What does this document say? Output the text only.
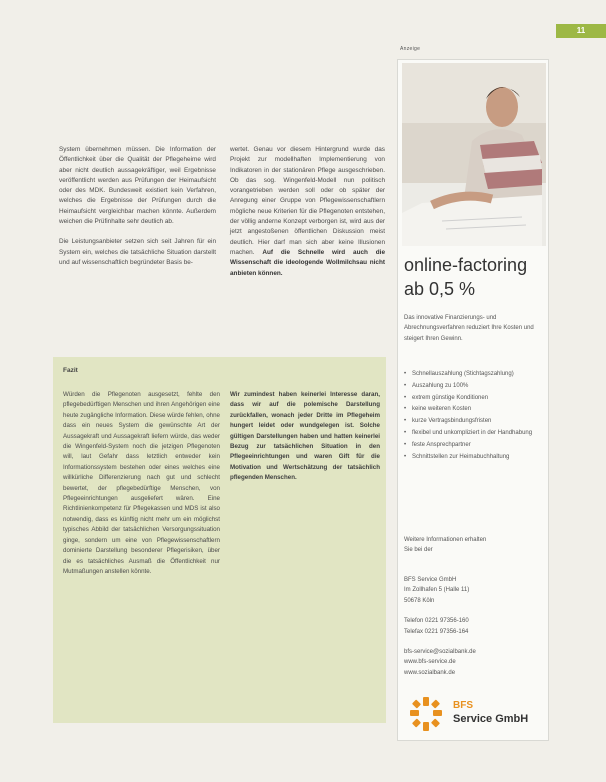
11

System übernehmen müssen. Die Information der Öffentlichkeit über die Qualität der Pflegeheime wird aber nicht deutlich aussagekräftiger, weil Ergebnisse veröffentlicht werden aus Prüfungen der Heimaufsicht oder des MDK. Bundesweit existiert kein Verfahren, welches die Ergebnisse der Prüfungen durch die Heimaufsicht vergleichbar machen könnte. Außerdem weichen die Prüfinhalte sehr deutlich ab.

Die Leistungsanbieter setzen sich seit Jahren für ein System ein, welches die tatsächliche Situation darstellt und auf wissenschaftlich begründeter Basis be-

wertet. Genau vor diesem Hintergrund wurde das Projekt zur modellhaften Implementierung von Indikatoren in der stationären Pflege ausgeschrieben. Ob das sog. Wingenfeld-Modell nun politisch vorangetrieben werden soll oder ob später der Anregung einer Gruppe von Pflegewissenschaftlern mögliche neue Kriterien für die Pflegenoten entstehen, der völlig anderne Konzept verborgen ist, wird aus der jetzt angestoßenen öffentlichen Diskussion meist deutlich. Hier darf man sich aber keine Illusionen machen. Auf die Schnelle wird auch die Wissenschaft die ideologende Wollmilchsau nicht anbieten können.
Fazit
Würden die Pflegenoten ausgesetzt, fehlte den pflegebedürftigen Menschen und ihren Angehörigen eine heute zugängliche Information. Diese würde fehlen, ohne dass ein neues System die gewünschte Art der Aussagekraft und Aussagekraft liefern würde, das weder die Wingenfeld-System noch die jetzigen Pflegenoten will, laut Gefahr dass letztlich entweder kein Informationssystem bestehen oder eines welches eine willkürliche Differenzierung nach gut und schlecht bewertet, der pflegebedürftige Menschen, von Pflegeeinrichtungen ausgeliefert wären. Eine Richtlinienkompetenz für Pflegekassen und MDS ist also notwendig, dass es künftig nicht mehr um ein möglichst typisches Abbild der tatsächlichen Versorgungssituation ginge, sondern um eine von Pflegewissenschaftlern dominierte Darstellung besonderer Pflegerisiken, über die es tatsächliches Ausmaß die Öffentlichkeit nur Mutmaßungen anstellen könnte.
Wir zumindest haben keinerlei Interesse daran, dass wir auf die polemische Darstellung zurückfallen, wonach jeder Dritte im Pflegeheim hungert leidet oder wundgelegen ist. Solche gültigen Darstellungen haben und hatten keinerlei Bezug zur tatsächlichen Situation in den Pflegeeinrichtungen und waren Gift für die Motivation und Wertschätzung der tatsächlich pflegenden Menschen.
Anzeige
online-factoring
ab 0,5 %
Das innovative Finanzierungs- und Abrechnungsverfahren reduziert Ihre Kosten und steigert Ihren Gewinn.
• Schnellauszahlung (Stichtagszahlung)
• Auszahlung zu 100%
• extrem günstige Konditionen
• keine weiteren Kosten
• kurze Vertragsbindungsfristen
• flexibel und unkompliziert in der Handhabung
• feste Ansprechpartner
• Schnittstellen zur Heimabuchhaltung
Weitere Informationen erhalten
Sie bei der
BFS Service GmbH
Im Zollhafen 5 (Halle 11)
50678 Köln
Telefon 0221 97356-160
Telefax 0221 97356-164
bfs-service@sozialbank.de
www.bfs-service.de
www.sozialbank.de
BFS
Service GmbH
